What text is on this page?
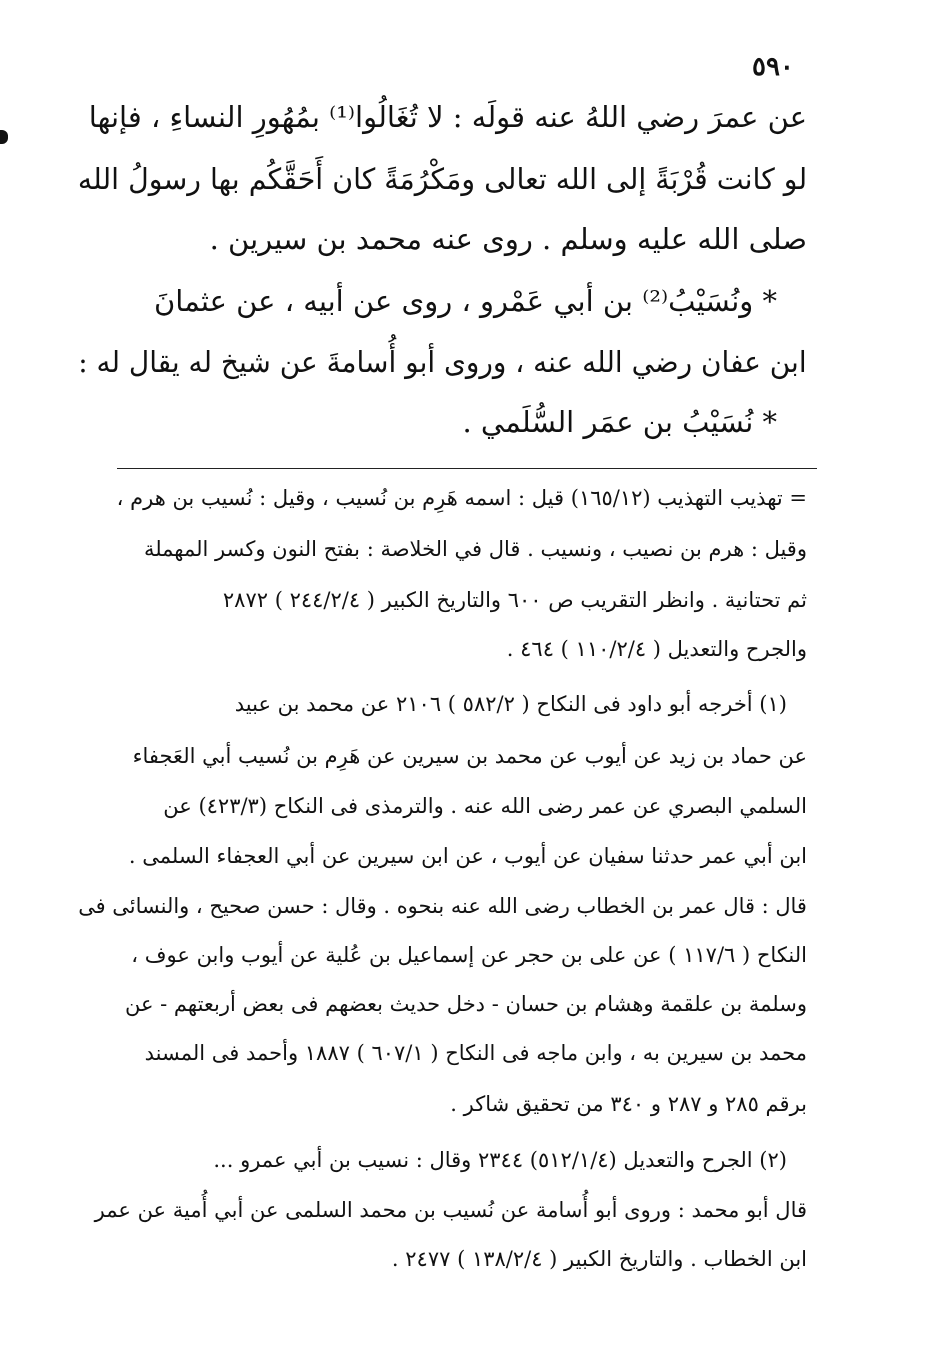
٥٩٠
عن عمرَ رضي اللهُ عنه قولَه : لا تُغَالُوا⁽¹⁾ بمُهُورِ النساءِ ، فإنها
لو كانت قُرْبَةً إلى الله تعالى ومَكْرُمَةً كان أَحَقَّكُم بها رسولُ الله
صلى الله عليه وسلم . روى عنه محمد بن سيرين .
* ونُسَيْبُ⁽²⁾ بن أبي عَمْرو ، روى عن أبيه ، عن عثمانَ
ابن عفان رضي الله عنه ، وروى أبو أُسامةَ عن شيخ له يقال له :
* نُسَيْبُ بن عمَر السُّلَمي .
= تهذيب التهذيب (١٦٥/١٢) قيل : اسمه هَرِم بن نُسيب ، وقيل : نُسيب بن هرم ،
وقيل : هرم بن نصيب ، ونسيب . قال في الخلاصة : بفتح النون وكسر المهملة
ثم تحتانية . وانظر التقريب ص ٦٠٠ والتاريخ الكبير ( ٢٤٤/٢/٤ ) ٢٨٧٢
والجرح والتعديل ( ١١٠/٢/٤ ) ٤٦٤ .
(١) أخرجه أبو داود فى النكاح ( ٥٨٢/٢ ) ٢١٠٦ عن محمد بن عبيد
عن حماد بن زيد عن أيوب عن محمد بن سيرين عن هَرِم بن نُسيب أبي العَجفاء
السلمي البصري عن عمر رضى الله عنه . والترمذى فى النكاح (٤٢٣/٣) عن
ابن أبي عمر حدثنا سفيان عن أيوب ، عن ابن سيرين عن أبي العجفاء السلمى .
قال : قال عمر بن الخطاب رضى الله عنه بنحوه . وقال : حسن صحيح ، والنسائى فى
النكاح ( ١١٧/٦ ) عن على بن حجر عن إسماعيل بن عُلية عن أيوب وابن عوف ،
وسلمة بن علقمة وهشام بن حسان - دخل حديث بعضهم فى بعض أربعتهم - عن
محمد بن سيرين به ، وابن ماجه فى النكاح ( ٦٠٧/١ ) ١٨٨٧ وأحمد فى المسند
برقم ٢٨٥ و ٢٨٧ و ٣٤٠ من تحقيق شاكر .
(٢) الجرح والتعديل (٥١٢/١/٤) ٢٣٤٤ وقال : نسيب بن أبي عمرو ...
قال أبو محمد : وروى أبو أُسامة عن نُسيب بن محمد السلمى عن أبي أُمية عن عمر
ابن الخطاب . والتاريخ الكبير ( ١٣٨/٢/٤ ) ٢٤٧٧ .
